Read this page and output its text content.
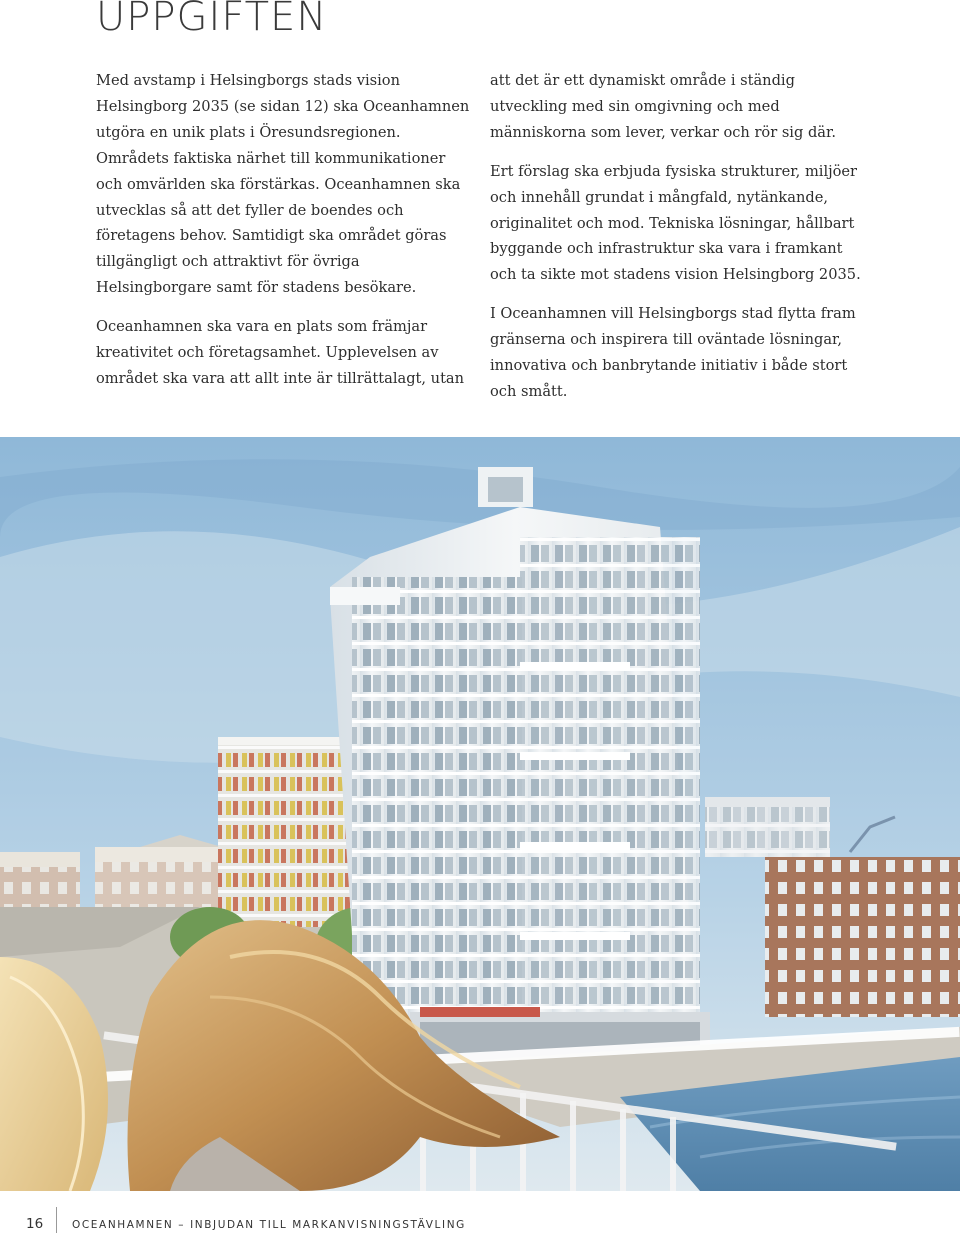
UPPGIFTEN

Med avstamp i Helsingborgs stads vision Helsingborg 2035 (se sidan 12) ska Oceanhamnen utgöra en unik plats i Öresundsregionen. Områdets faktiska närhet till kommunikationer och omvärlden ska förstärkas. Oceanhamnen ska utvecklas så att det fyller de boendes och företagens behov. Samtidigt ska området göras tillgängligt och attraktivt för övriga Helsingborgare samt för stadens besökare.

Oceanhamnen ska vara en plats som främjar kreativitet och företagsamhet. Upplevelsen av området ska vara att allt inte är tillrättalagt, utan

att det är ett dynamiskt område i ständig utveckling med sin omgivning och med människorna som lever, verkar och rör sig där.

Ert förslag ska erbjuda fysiska strukturer, miljöer och innehåll grundat i mångfald, nytänkande, originalitet och mod. Tekniska lösningar, hållbart byggande och infrastruktur ska vara i framkant och ta sikte mot stadens vision Helsingborg 2035.

I Oceanhamnen vill Helsingborgs stad flytta fram gränserna och inspirera till oväntade lösningar, innovativa och banbrytande initiativ i både stort och smått.

16	OCEANHAMNEN – INBJUDAN TILL MARKANVISNINGSTÄVLING
